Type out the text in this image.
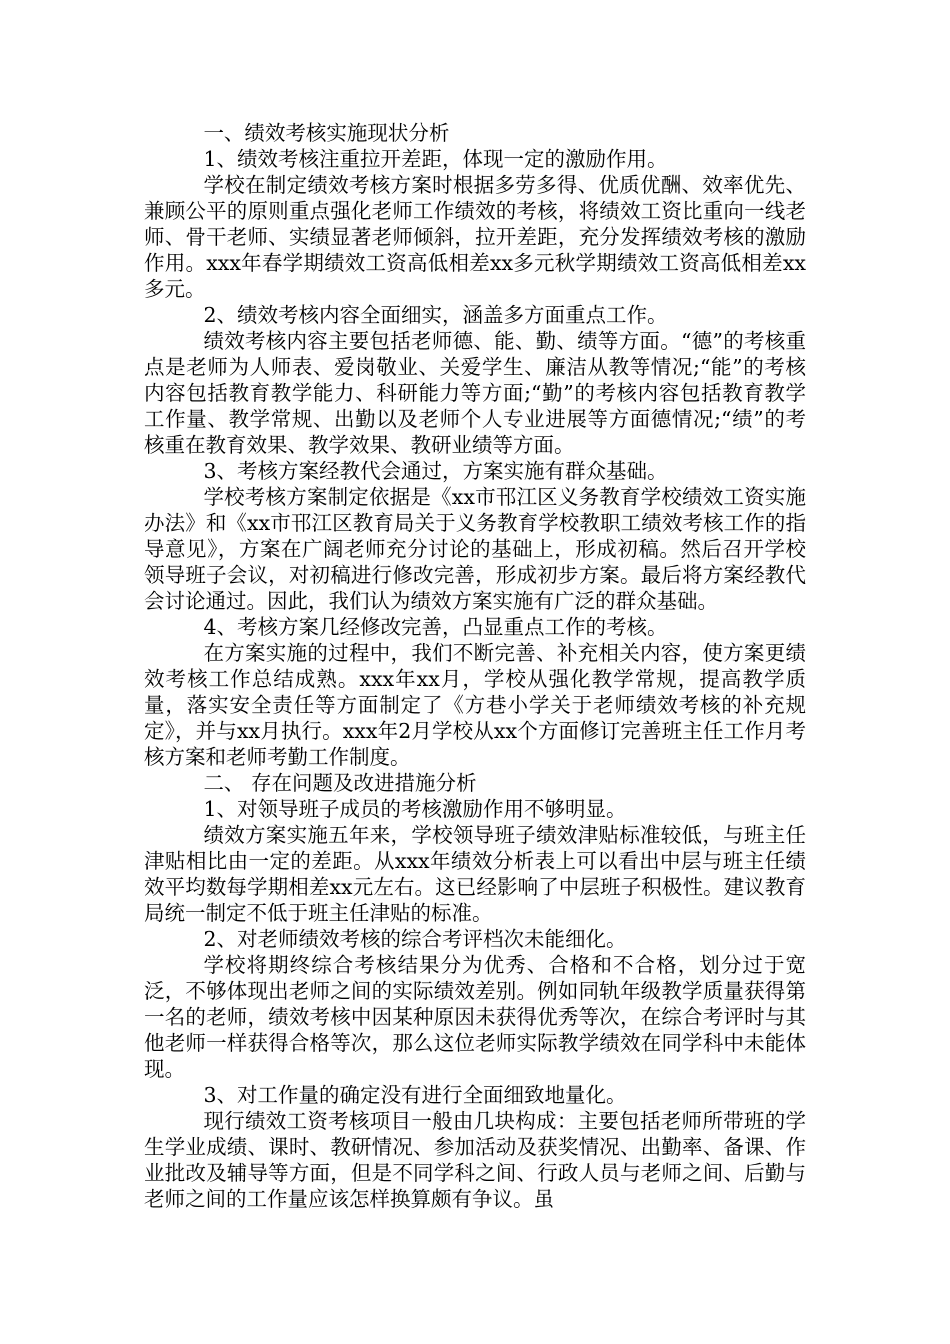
一、绩效考核实施现状分析

1、绩效考核注重拉开差距，体现一定的激励作用。

学校在制定绩效考核方案时根据多劳多得、优质优酬、效率优先、兼顾公平的原则重点强化老师工作绩效的考核，将绩效工资比重向一线老师、骨干老师、实绩显著老师倾斜，拉开差距，充分发挥绩效考核的激励作用。xxx年春学期绩效工资高低相差xx多元秋学期绩效工资高低相差xx多元。

2、绩效考核内容全面细实，涵盖多方面重点工作。

绩效考核内容主要包括老师德、能、勤、绩等方面。“德”的考核重点是老师为人师表、爱岗敬业、关爱学生、廉洁从教等情况;“能”的考核内容包括教育教学能力、科研能力等方面;“勤”的考核内容包括教育教学工作量、教学常规、出勤以及老师个人专业进展等方面德情况;“绩”的考核重在教育效果、教学效果、教研业绩等方面。

3、考核方案经教代会通过，方案实施有群众基础。

学校考核方案制定依据是《xx市邗江区义务教育学校绩效工资实施办法》和《xx市邗江区教育局关于义务教育学校教职工绩效考核工作的指导意见》，方案在广阔老师充分讨论的基础上，形成初稿。然后召开学校领导班子会议，对初稿进行修改完善，形成初步方案。最后将方案经教代会讨论通过。因此，我们认为绩效方案实施有广泛的群众基础。

4、考核方案几经修改完善，凸显重点工作的考核。

在方案实施的过程中，我们不断完善、补充相关内容，使方案更绩效考核工作总结成熟。xxx年xx月，学校从强化教学常规，提高教学质量，落实安全责任等方面制定了《方巷小学关于老师绩效考核的补充规定》，并与xx月执行。xxx年2月学校从xx个方面修订完善班主任工作月考核方案和老师考勤工作制度。

二、 存在问题及改进措施分析

1、对领导班子成员的考核激励作用不够明显。

绩效方案实施五年来，学校领导班子绩效津贴标准较低，与班主任津贴相比由一定的差距。从xxx年绩效分析表上可以看出中层与班主任绩效平均数每学期相差xx元左右。这已经影响了中层班子积极性。建议教育局统一制定不低于班主任津贴的标准。

2、对老师绩效考核的综合考评档次未能细化。

学校将期终综合考核结果分为优秀、合格和不合格，划分过于宽泛，不够体现出老师之间的实际绩效差别。例如同轨年级教学质量获得第一名的老师，绩效考核中因某种原因未获得优秀等次，在综合考评时与其他老师一样获得合格等次，那么这位老师实际教学绩效在同学科中未能体现。

3、对工作量的确定没有进行全面细致地量化。

现行绩效工资考核项目一般由几块构成：主要包括老师所带班的学生学业成绩、课时、教研情况、参加活动及获奖情况、出勤率、备课、作业批改及辅导等方面，但是不同学科之间、行政人员与老师之间、后勤与老师之间的工作量应该怎样换算颇有争议。虽
